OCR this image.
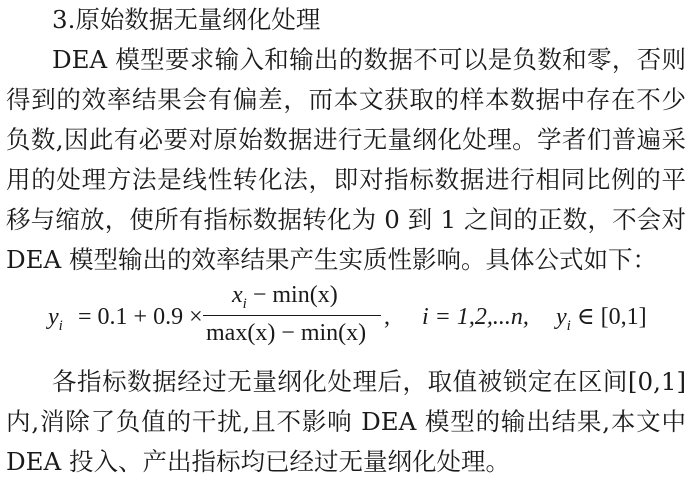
3.原始数据无量纲化处理
DEA 模型要求输入和输出的数据不可以是负数和零，否则
得到的效率结果会有偏差，而本文获取的样本数据中存在不少
负数,因此有必要对原始数据进行无量纲化处理。学者们普遍采
用的处理方法是线性转化法，即对指标数据进行相同比例的平
移与缩放，使所有指标数据转化为 0 到 1 之间的正数，不会对
DEA 模型输出的效率结果产生实质性影响。具体公式如下：
$y_i = 0.1 + 0.9$ ×
$x_i - \min(x)$
max(x) − min(x)
, i = 1,2,...n, $y_i$ ∈ [0,1]
各指标数据经过无量纲化处理后，取值被锁定在区间[0,1]
内,消除了负值的干扰,且不影响 DEA 模型的输出结果,本文中
DEA 投入、产出指标均已经过无量纲化处理。
